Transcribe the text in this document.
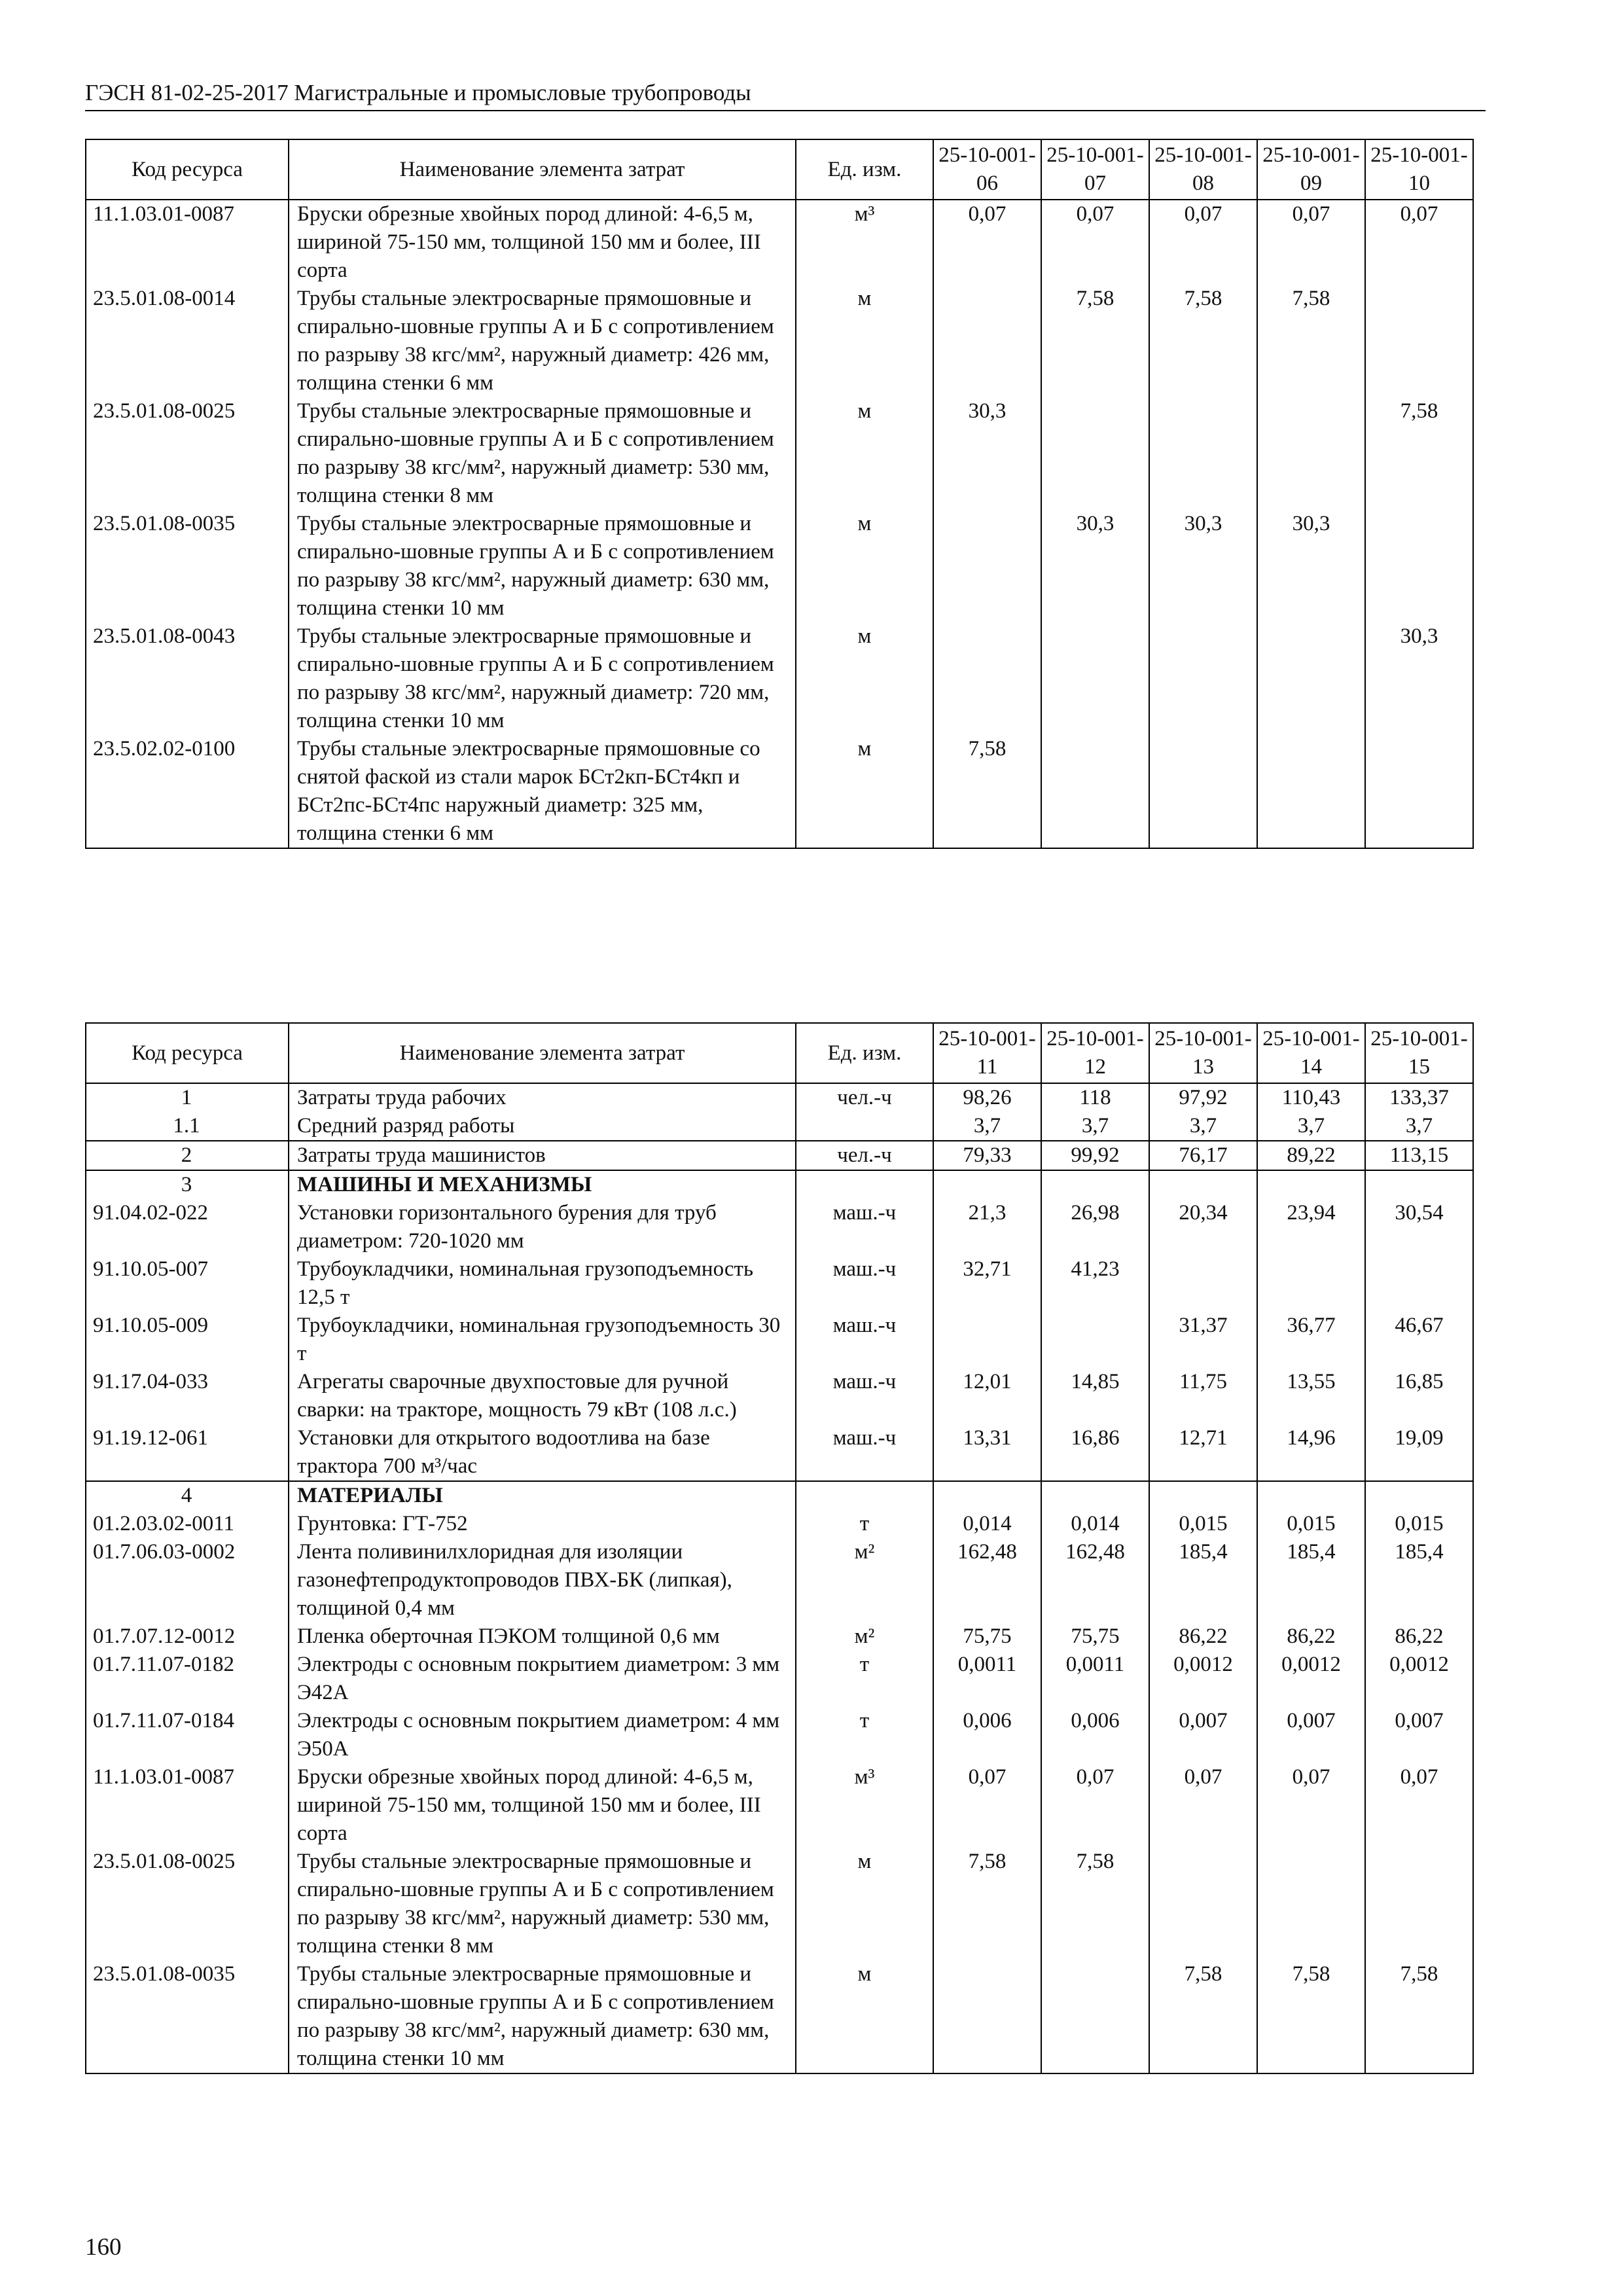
ГЭСН 81-02-25-2017 Магистральные и промысловые трубопроводы
Код ресурса	Наименование элемента затрат	Ед. изм.	25-10-001-06	25-10-001-07	25-10-001-08	25-10-001-09	25-10-001-10
11.1.03.01-0087	Бруски обрезные хвойных пород длиной: 4-6,5 м, шириной 75-150 мм, толщиной 150 мм и более, III сорта	м³	0,07	0,07	0,07	0,07	0,07
23.5.01.08-0014	Трубы стальные электросварные прямошовные и спирально-шовные группы А и Б с сопротивлением по разрыву 38 кгс/мм², наружный диаметр: 426 мм, толщина стенки 6 мм	м		7,58	7,58	7,58	
23.5.01.08-0025	Трубы стальные электросварные прямошовные и спирально-шовные группы А и Б с сопротивлением по разрыву 38 кгс/мм², наружный диаметр: 530 мм, толщина стенки 8 мм	м	30,3				7,58
23.5.01.08-0035	Трубы стальные электросварные прямошовные и спирально-шовные группы А и Б с сопротивлением по разрыву 38 кгс/мм², наружный диаметр: 630 мм, толщина стенки 10 мм	м		30,3	30,3	30,3	
23.5.01.08-0043	Трубы стальные электросварные прямошовные и спирально-шовные группы А и Б с сопротивлением по разрыву 38 кгс/мм², наружный диаметр: 720 мм, толщина стенки 10 мм	м					30,3
23.5.02.02-0100	Трубы стальные электросварные прямошовные со снятой фаской из стали марок БСт2кп-БСт4кп и БСт2пс-БСт4пс наружный диаметр: 325 мм, толщина стенки 6 мм	м	7,58				
Код ресурса	Наименование элемента затрат	Ед. изм.	25-10-001-11	25-10-001-12	25-10-001-13	25-10-001-14	25-10-001-15
1	Затраты труда рабочих	чел.-ч	98,26	118	97,92	110,43	133,37
1.1	Средний разряд работы		3,7	3,7	3,7	3,7	3,7
2	Затраты труда машинистов	чел.-ч	79,33	99,92	76,17	89,22	113,15
3	МАШИНЫ И МЕХАНИЗМЫ						
91.04.02-022	Установки горизонтального бурения для труб диаметром: 720-1020 мм	маш.-ч	21,3	26,98	20,34	23,94	30,54
91.10.05-007	Трубоукладчики, номинальная грузоподъемность 12,5 т	маш.-ч	32,71	41,23			
91.10.05-009	Трубоукладчики, номинальная грузоподъемность 30 т	маш.-ч			31,37	36,77	46,67
91.17.04-033	Агрегаты сварочные двухпостовые для ручной сварки: на тракторе, мощность 79 кВт (108 л.с.)	маш.-ч	12,01	14,85	11,75	13,55	16,85
91.19.12-061	Установки для открытого водоотлива на базе трактора 700 м³/час	маш.-ч	13,31	16,86	12,71	14,96	19,09
4	МАТЕРИАЛЫ						
01.2.03.02-0011	Грунтовка: ГТ-752	т	0,014	0,014	0,015	0,015	0,015
01.7.06.03-0002	Лента поливинилхлоридная для изоляции газонефтепродуктопроводов ПВХ-БК (липкая), толщиной 0,4 мм	м²	162,48	162,48	185,4	185,4	185,4
01.7.07.12-0012	Пленка оберточная ПЭКОМ толщиной 0,6 мм	м²	75,75	75,75	86,22	86,22	86,22
01.7.11.07-0182	Электроды с основным покрытием диаметром: 3 мм Э42А	т	0,0011	0,0011	0,0012	0,0012	0,0012
01.7.11.07-0184	Электроды с основным покрытием диаметром: 4 мм Э50А	т	0,006	0,006	0,007	0,007	0,007
11.1.03.01-0087	Бруски обрезные хвойных пород длиной: 4-6,5 м, шириной 75-150 мм, толщиной 150 мм и более, III сорта	м³	0,07	0,07	0,07	0,07	0,07
23.5.01.08-0025	Трубы стальные электросварные прямошовные и спирально-шовные группы А и Б с сопротивлением по разрыву 38 кгс/мм², наружный диаметр: 530 мм, толщина стенки 8 мм	м	7,58	7,58			
23.5.01.08-0035	Трубы стальные электросварные прямошовные и спирально-шовные группы А и Б с сопротивлением по разрыву 38 кгс/мм², наружный диаметр: 630 мм, толщина стенки 10 мм	м			7,58	7,58	7,58
160
